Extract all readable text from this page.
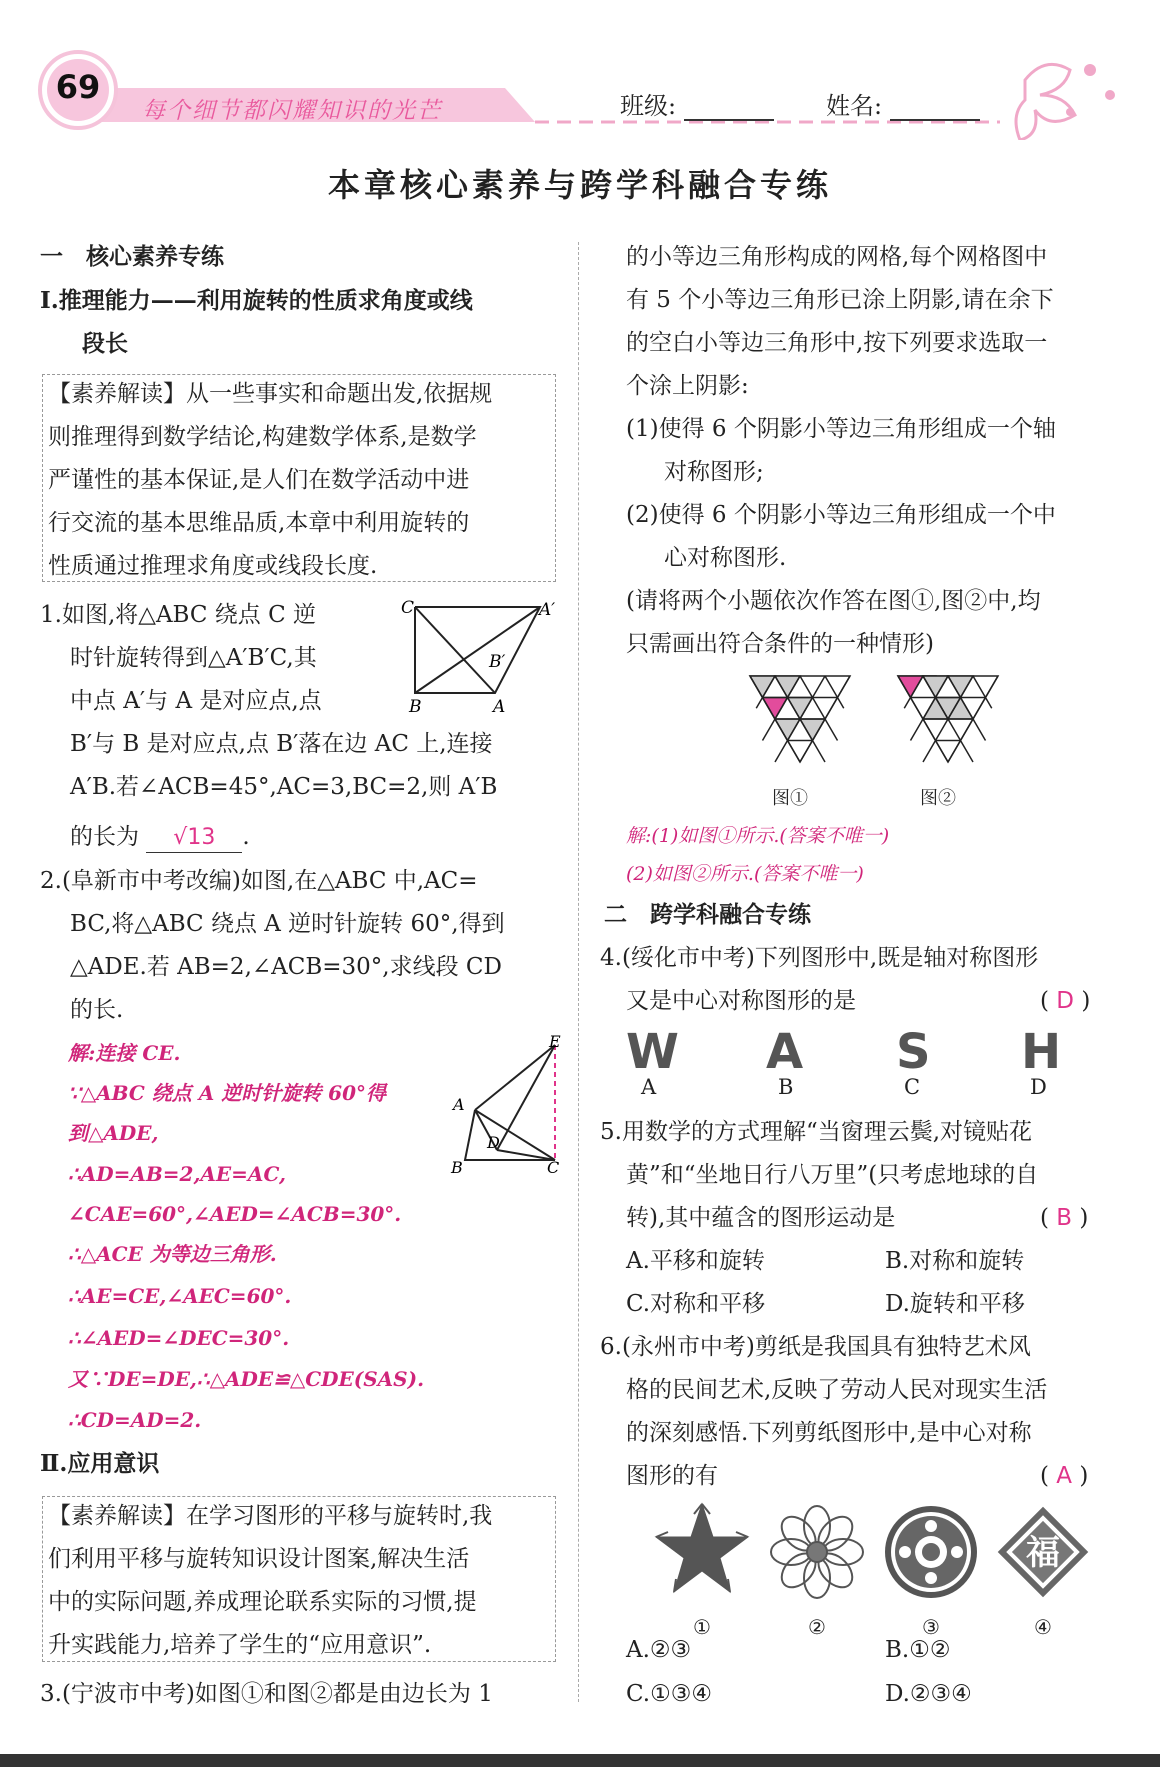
69
每个细节都闪耀知识的光芒	班级:	姓名:
本章核心素养与跨学科融合专练
一　核心素养专练
Ⅰ.推理能力——利用旋转的性质求角度或线
段长
【素养解读】从一些事实和命题出发,依据规
则推理得到数学结论,构建数学体系,是数学
严谨性的基本保证,是人们在数学活动中进
行交流的基本思维品质,本章中利用旋转的
性质通过推理求角度或线段长度.
1.如图,将△ABC 绕点 C 逆
时针旋转得到△A′B′C,其
中点 A′与 A 是对应点,点
B′与 B 是对应点,点 B′落在边 AC 上,连接
A′B.若∠ACB=45°,AC=3,BC=2,则 A′B
的长为 √13 .
C	A′
B′
B	A
2.(阜新市中考改编)如图,在△ABC 中,AC=
BC,将△ABC 绕点 A 逆时针旋转 60°,得到
△ADE.若 AB=2,∠ACB=30°,求线段 CD
的长.
解:连接 CE.
∵△ABC 绕点 A 逆时针旋转 60°得
到△ADE,
∴AD=AB=2,AE=AC,
∠CAE=60°,∠AED=∠ACB=30°.
∴△ACE 为等边三角形.
∴AE=CE,∠AEC=60°.
∴∠AED=∠DEC=30°.
又∵DE=DE,∴△ADE≌△CDE(SAS).
∴CD=AD=2.
E
A
D
B	C
Ⅱ.应用意识
【素养解读】在学习图形的平移与旋转时,我
们利用平移与旋转知识设计图案,解决生活
中的实际问题,养成理论联系实际的习惯,提
升实践能力,培养了学生的“应用意识”.
3.(宁波市中考)如图①和图②都是由边长为 1
的小等边三角形构成的网格,每个网格图中
有 5 个小等边三角形已涂上阴影,请在余下
的空白小等边三角形中,按下列要求选取一
个涂上阴影:
(1)使得 6 个阴影小等边三角形组成一个轴
对称图形;
(2)使得 6 个阴影小等边三角形组成一个中
心对称图形.
(请将两个小题依次作答在图①,图②中,均
只需画出符合条件的一种情形)
图①	图②
解:(1)如图①所示.(答案不唯一)
(2)如图②所示.(答案不唯一)
二　跨学科融合专练
4.(绥化市中考)下列图形中,既是轴对称图形
又是中心对称图形的是	( D )
W A S H
A	B	C	D
5.用数学的方式理解“当窗理云鬓,对镜贴花
黄”和“坐地日行八万里”(只考虑地球的自
转),其中蕴含的图形运动是	( B )
A.平移和旋转	B.对称和旋转
C.对称和平移	D.旋转和平移
6.(永州市中考)剪纸是我国具有独特艺术风
格的民间艺术,反映了劳动人民对现实生活
的深刻感悟.下列剪纸图形中,是中心对称
图形的有	( A )
福
①	②	③	④
A.②③	B.①②
C.①③④	D.②③④
